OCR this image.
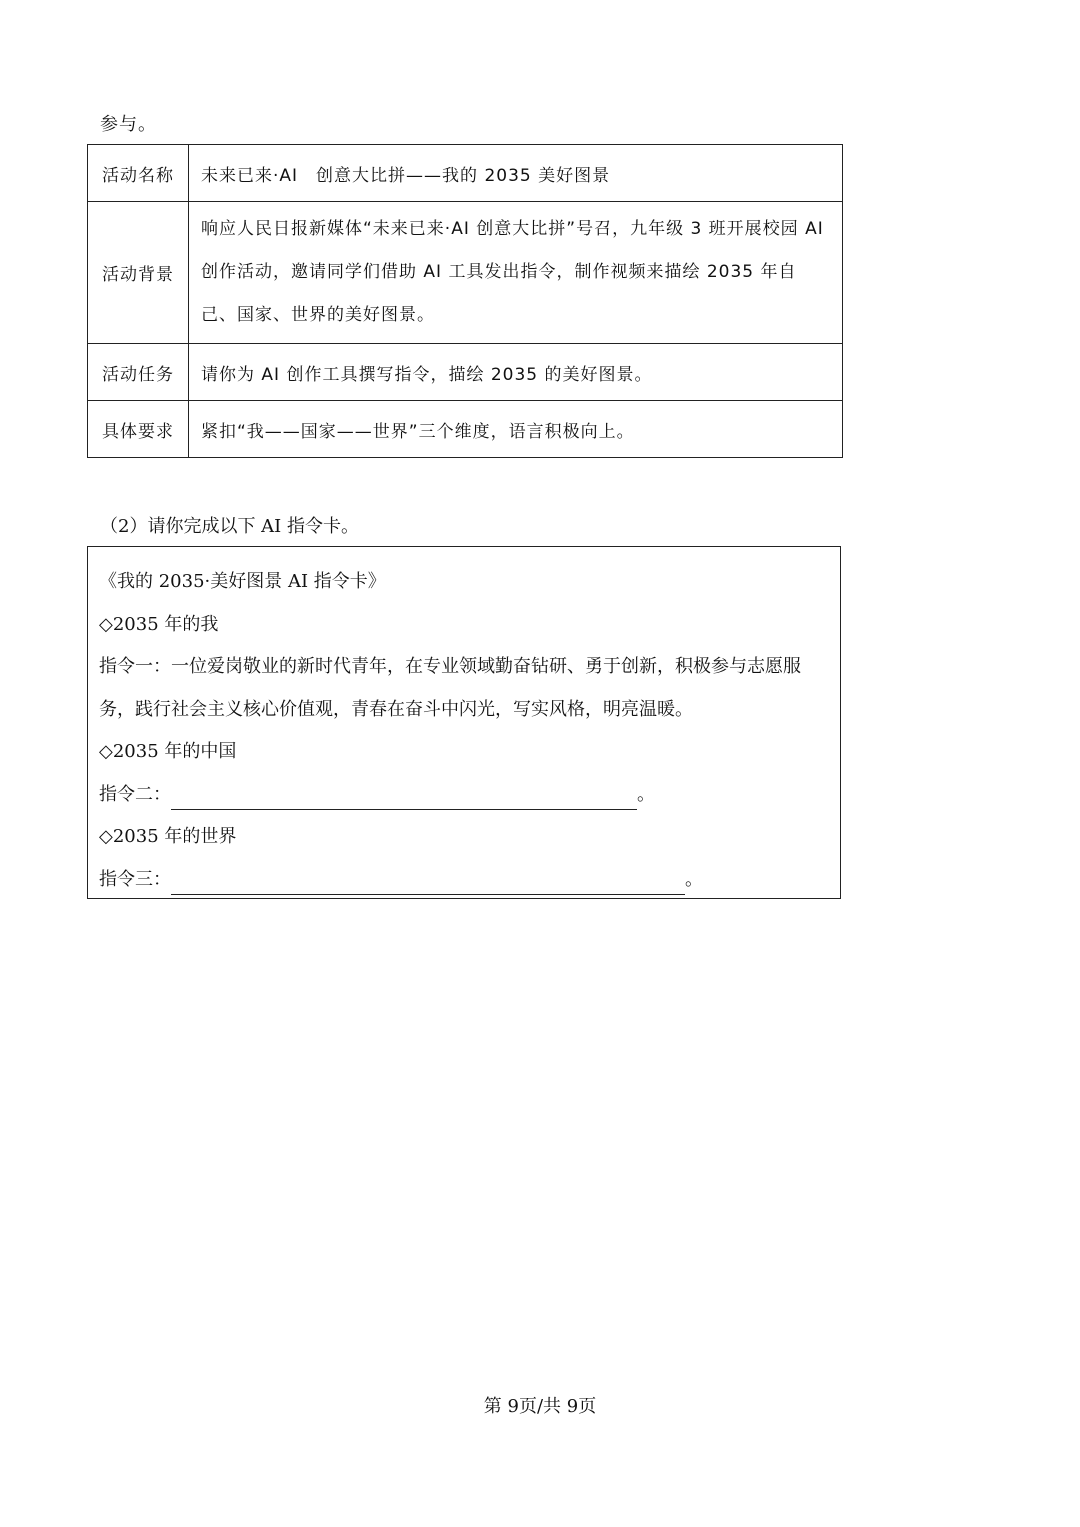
参与。
活动名称	未来已来·AI　创意大比拼——我的 2035 美好图景
活动背景	响应人民日报新媒体“未来已来·AI 创意大比拼”号召，九年级 3 班开展校园 AI 创作活动，邀请同学们借助 AI 工具发出指令，制作视频来描绘 2035 年自己、国家、世界的美好图景。
活动任务	请你为 AI 创作工具撰写指令，描绘 2035 的美好图景。
具体要求	紧扣“我——国家——世界”三个维度，语言积极向上。
（2）请你完成以下 AI 指令卡。
《我的 2035·美好图景 AI 指令卡》
◇2035 年的我
指令一：一位爱岗敬业的新时代青年，在专业领域勤奋钻研、勇于创新，积极参与志愿服务，践行社会主义核心价值观，青春在奋斗中闪光，写实风格，明亮温暖。
◇2035 年的中国
指令二：	。
◇2035 年的世界
指令三：	。
第 9页/共 9页
